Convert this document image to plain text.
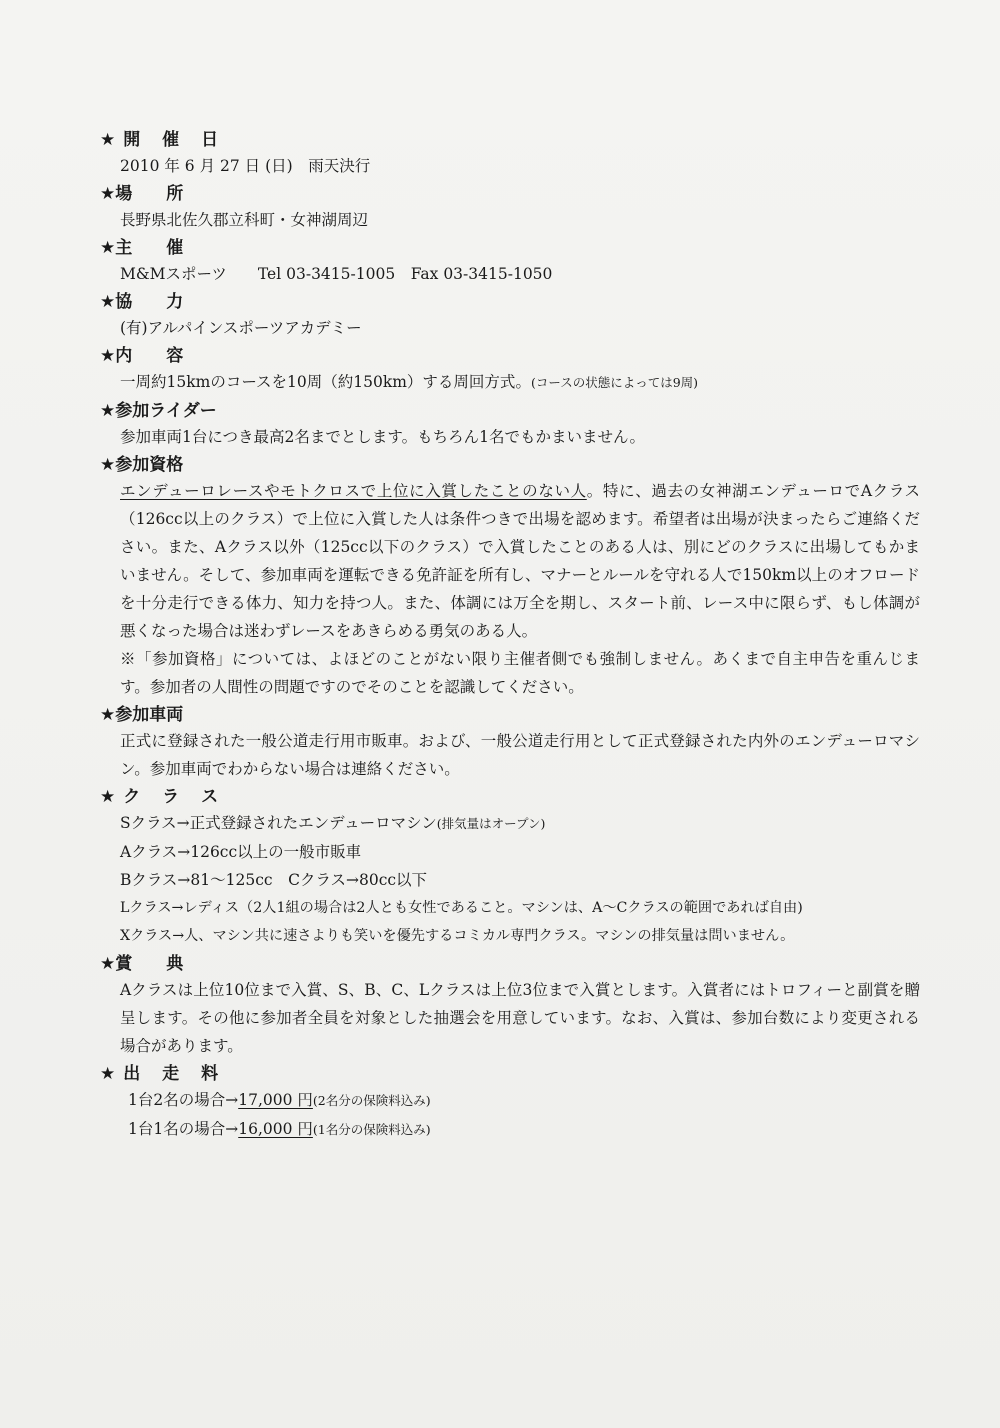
★開 催 日
2010 年 6 月 27 日 (日)　雨天決行
★場　　所
長野県北佐久郡立科町・女神湖周辺
★主　　催
M&Mスポーツ　　Tel 03-3415-1005　Fax 03-3415-1050
★協　　力
(有)アルパインスポーツアカデミー
★内　　容
一周約15kmのコースを10周（約150km）する周回方式。(コースの状態によっては9周)
★参加ライダー
参加車両1台につき最高2名までとします。もちろん1名でもかまいません。
★参加資格
エンデューロレースやモトクロスで上位に入賞したことのない人。特に、過去の女神湖エンデューロでAクラス（126cc以上のクラス）で上位に入賞した人は条件つきで出場を認めます。希望者は出場が決まったらご連絡ください。また、Aクラス以外（125cc以下のクラス）で入賞したことのある人は、別にどのクラスに出場してもかまいません。そして、参加車両を運転できる免許証を所有し、マナーとルールを守れる人で150km以上のオフロードを十分走行できる体力、知力を持つ人。また、体調には万全を期し、スタート前、レース中に限らず、もし体調が悪くなった場合は迷わずレースをあきらめる勇気のある人。
※「参加資格」については、よほどのことがない限り主催者側でも強制しません。あくまで自主申告を重んじます。参加者の人間性の問題ですのでそのことを認識してください。
★参加車両
正式に登録された一般公道走行用市販車。および、一般公道走行用として正式登録された内外のエンデューロマシン。参加車両でわからない場合は連絡ください。
★ク ラ ス
Sクラス→正式登録されたエンデューロマシン(排気量はオープン)
Aクラス→126cc以上の一般市販車
Bクラス→81～125cc　Cクラス→80cc以下
Lクラス→レディス（2人1組の場合は2人とも女性であること。マシンは、A～Cクラスの範囲であれば自由)
Xクラス→人、マシン共に速さよりも笑いを優先するコミカル専門クラス。マシンの排気量は問いません。
★賞　　典
Aクラスは上位10位まで入賞、S、B、C、Lクラスは上位3位まで入賞とします。入賞者にはトロフィーと副賞を贈呈します。その他に参加者全員を対象とした抽選会を用意しています。なお、入賞は、参加台数により変更される場合があります。
★出 走 料
1台2名の場合→17,000 円(2名分の保険料込み)
1台1名の場合→16,000 円(1名分の保険料込み)
